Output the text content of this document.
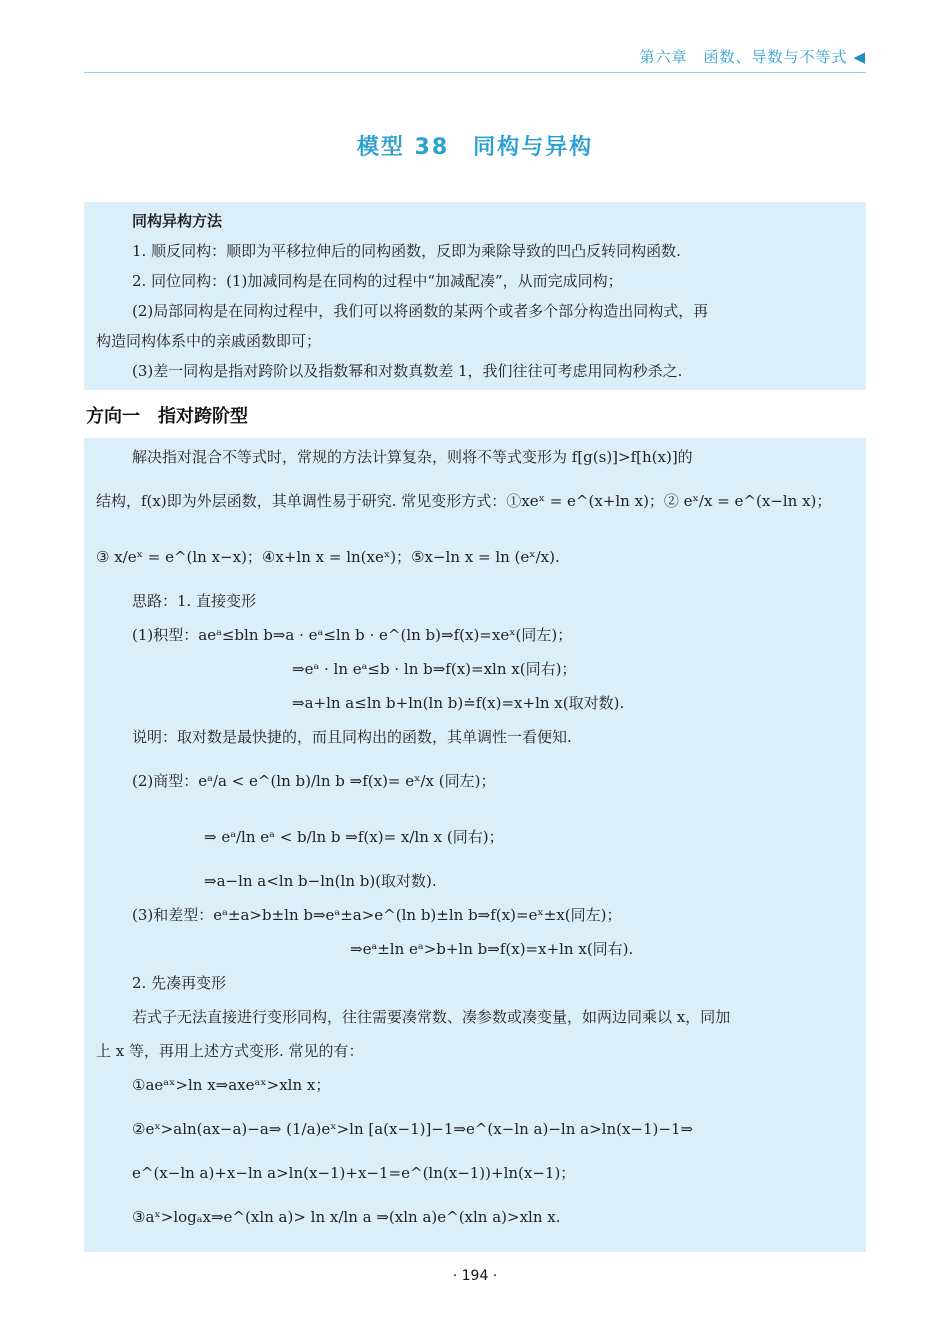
第六章　函数、导数与不等式 ◀
模型 38　同构与异构
同构异构方法
1. 顺反同构：顺即为平移拉伸后的同构函数，反即为乘除导致的凹凸反转同构函数.
2. 同位同构：(1)加减同构是在同构的过程中“加减配凑”，从而完成同构；
(2)局部同构是在同构过程中，我们可以将函数的某两个或者多个部分构造出同构式，再
构造同构体系中的亲戚函数即可；
(3)差一同构是指对跨阶以及指数幂和对数真数差 1，我们往往可考虑用同构秒杀之.
方向一 指对跨阶型
解决指对混合不等式时，常规的方法计算复杂，则将不等式变形为 f[g(s)]>f[h(x)]的
结构，f(x)即为外层函数，其单调性易于研究. 常见变形方式：①xeˣ = e^(x+ln x)；② eˣ/x = e^(x−ln x)；
③ x/eˣ = e^(ln x−x)；④x+ln x = ln(xeˣ)；⑤x−ln x = ln (eˣ/x).
思路：1. 直接变形
(1)积型：aeᵃ≤bln b⇒a · eᵃ≤ln b · e^(ln b)⇒f(x)=xeˣ(同左)；
⇒eᵃ · ln eᵃ≤b · ln b⇒f(x)=xln x(同右)；
⇒a+ln a≤ln b+ln(ln b)≐f(x)=x+ln x(取对数).
说明：取对数是最快捷的，而且同构出的函数，其单调性一看便知.
(2)商型：eᵃ/a < e^(ln b)/ln b ⇒f(x)= eˣ/x (同左)；
⇒ eᵃ/ln eᵃ < b/ln b ⇒f(x)= x/ln x (同右)；
⇒a−ln a<ln b−ln(ln b)(取对数).
(3)和差型：eᵃ±a>b±ln b⇒eᵃ±a>e^(ln b)±ln b⇒f(x)=eˣ±x(同左)；
⇒eᵃ±ln eᵃ>b+ln b⇒f(x)=x+ln x(同右).
2. 先凑再变形
若式子无法直接进行变形同构，往往需要凑常数、凑参数或凑变量，如两边同乘以 x，同加
上 x 等，再用上述方式变形. 常见的有：
①aeᵃˣ>ln x⇒axeᵃˣ>xln x；
②eˣ>aln(ax−a)−a⇒ (1/a)eˣ>ln [a(x−1)]−1⇒e^(x−ln a)−ln a>ln(x−1)−1⇒
e^(x−ln a)+x−ln a>ln(x−1)+x−1=e^(ln(x−1))+ln(x−1)；
③aˣ>logₐx⇒e^(xln a)> ln x/ln a ⇒(xln a)e^(xln a)>xln x.
· 194 ·
